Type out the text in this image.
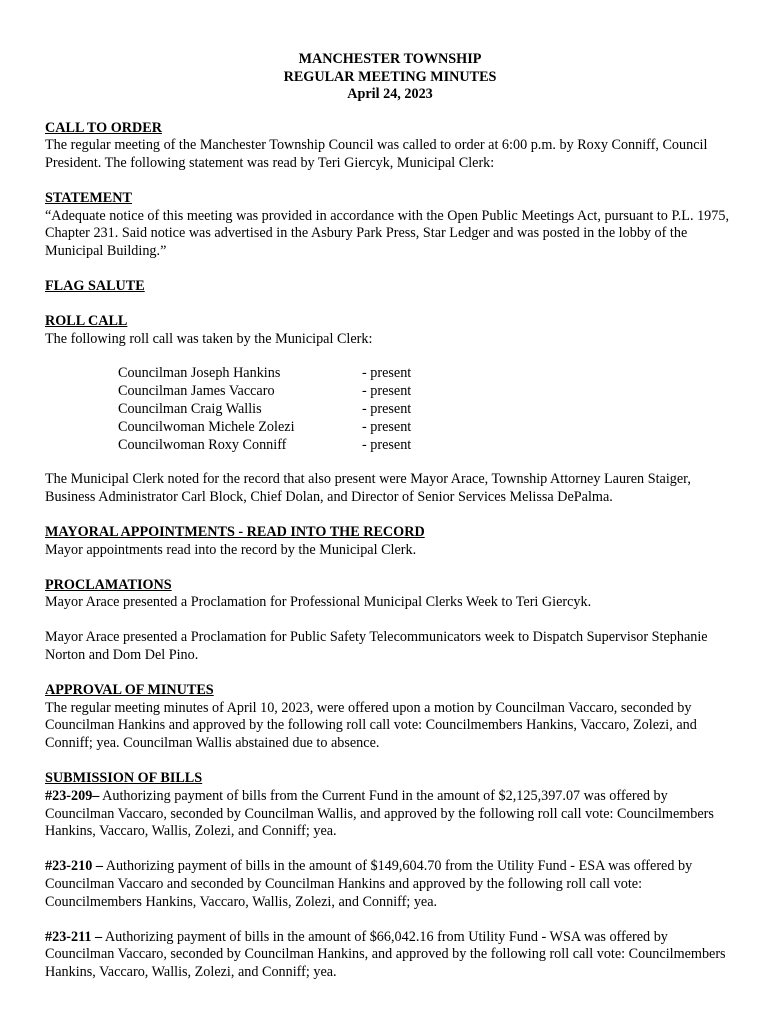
MANCHESTER TOWNSHIP
REGULAR MEETING MINUTES
April 24, 2023
CALL TO ORDER

The regular meeting of the Manchester Township Council was called to order at 6:00 p.m. by Roxy Conniff, Council President. The following statement was read by Teri Giercyk, Municipal Clerk:

STATEMENT

“Adequate notice of this meeting was provided in accordance with the Open Public Meetings Act, pursuant to P.L. 1975, Chapter 231. Said notice was advertised in the Asbury Park Press, Star Ledger and was posted in the lobby of the Municipal Building.”

FLAG SALUTE
ROLL CALL

The following roll call was taken by the Municipal Clerk:

Councilman Joseph Hankins	- present
Councilman James Vaccaro	- present
Councilman Craig Wallis	- present
Councilwoman Michele Zolezi	- present
Councilwoman Roxy Conniff	- present

The Municipal Clerk noted for the record that also present were Mayor Arace, Township Attorney Lauren Staiger, Business Administrator Carl Block, Chief Dolan, and Director of Senior Services Melissa DePalma.

MAYORAL APPOINTMENTS - READ INTO THE RECORD

Mayor appointments read into the record by the Municipal Clerk.

PROCLAMATIONS

Mayor Arace presented a Proclamation for Professional Municipal Clerks Week to Teri Giercyk.

Mayor Arace presented a Proclamation for Public Safety Telecommunicators week to Dispatch Supervisor Stephanie Norton and Dom Del Pino.

APPROVAL OF MINUTES

The regular meeting minutes of April 10, 2023, were offered upon a motion by Councilman Vaccaro, seconded by Councilman Hankins and approved by the following roll call vote: Councilmembers Hankins, Vaccaro, Zolezi, and Conniff; yea. Councilman Wallis abstained due to absence.

SUBMISSION OF BILLS

#23-209– Authorizing payment of bills from the Current Fund in the amount of $2,125,397.07 was offered by Councilman Vaccaro, seconded by Councilman Wallis, and approved by the following roll call vote: Councilmembers Hankins, Vaccaro, Wallis, Zolezi, and Conniff; yea.

#23-210 – Authorizing payment of bills in the amount of $149,604.70 from the Utility Fund - ESA was offered by Councilman Vaccaro and seconded by Councilman Hankins and approved by the following roll call vote: Councilmembers Hankins, Vaccaro, Wallis, Zolezi, and Conniff; yea.

#23-211 – Authorizing payment of bills in the amount of $66,042.16 from Utility Fund - WSA was offered by Councilman Vaccaro, seconded by Councilman Hankins, and approved by the following roll call vote: Councilmembers Hankins, Vaccaro, Wallis, Zolezi, and Conniff; yea.
